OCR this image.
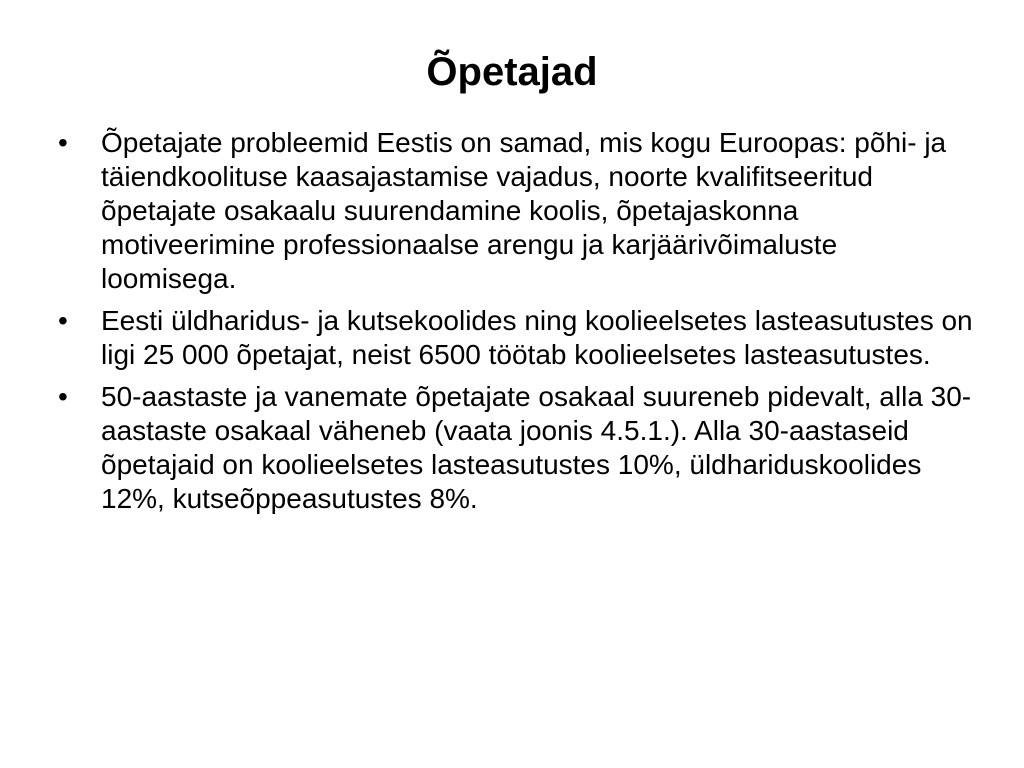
Õpetajad
•	Õpetajate probleemid Eestis on samad, mis kogu Euroopas: põhi- ja täiendkoolituse kaasajastamise vajadus, noorte kvalifitseeritud õpetajate osakaalu suurendamine koolis, õpetajaskonna motiveerimine professionaalse arengu ja karjäärivõimaluste loomisega.
•	Eesti üldharidus- ja kutsekoolides ning koolieelsetes lasteasutustes on ligi 25 000 õpetajat, neist 6500 töötab koolieelsetes lasteasutustes.
•	50-aastaste ja vanemate õpetajate osakaal suureneb pidevalt, alla 30-aastaste osakaal väheneb (vaata joonis 4.5.1.). Alla 30-aastaseid õpetajaid on koolieelsetes lasteasutustes 10%, üldhariduskoolides 12%, kutseõppeasutustes 8%.
